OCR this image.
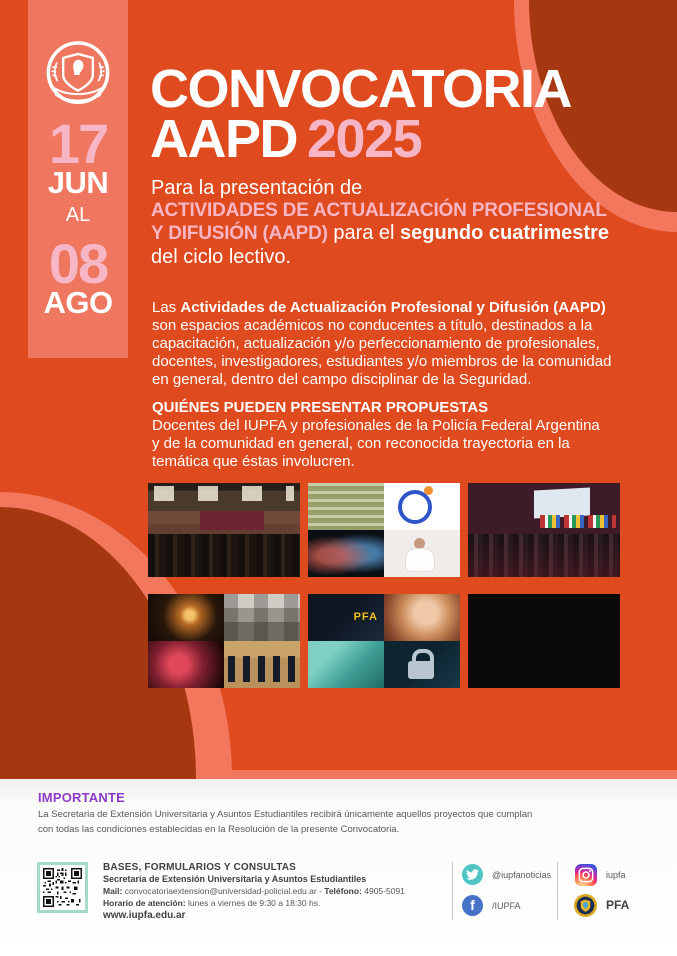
17
JUN
AL
08
AGO
CONVOCATORIA
AAPD 2025
Para la presentación de
ACTIVIDADES DE ACTUALIZACIÓN PROFESIONAL
Y DIFUSIÓN (AAPD) para el segundo cuatrimestre
del ciclo lectivo.
Las Actividades de Actualización Profesional y Difusión (AAPD)
son espacios académicos no conducentes a título, destinados a la
capacitación, actualización y/o perfeccionamiento de profesionales,
docentes, investigadores, estudiantes y/o miembros de la comunidad
en general, dentro del campo disciplinar de la Seguridad.
QUIÉNES PUEDEN PRESENTAR PROPUESTAS
Docentes del IUPFA y profesionales de la Policía Federal Argentina
y de la comunidad en general, con reconocida trayectoria en la
temática que éstas involucren.
PFA
IMPORTANTE
La Secretaria de Extensión Universitaria y Asuntos Estudiantiles recibirá únicamente aquellos proyectos que cumplan
con todas las condiciones establecidas en la Resolución de la presente Convocatoria.
BASES, FORMULARIOS Y CONSULTAS
Secretaría de Extensión Universitaria y Asuntos Estudiantiles
Mail: convocatoriaextension@universidad-policial.edu.ar - Teléfono: 4905-5091
Horario de atención: lunes a viernes de 9:30 a 18:30 hs.
www.iupfa.edu.ar
@iupfanoticias
f	/IUPFA
iupfa
PFA
